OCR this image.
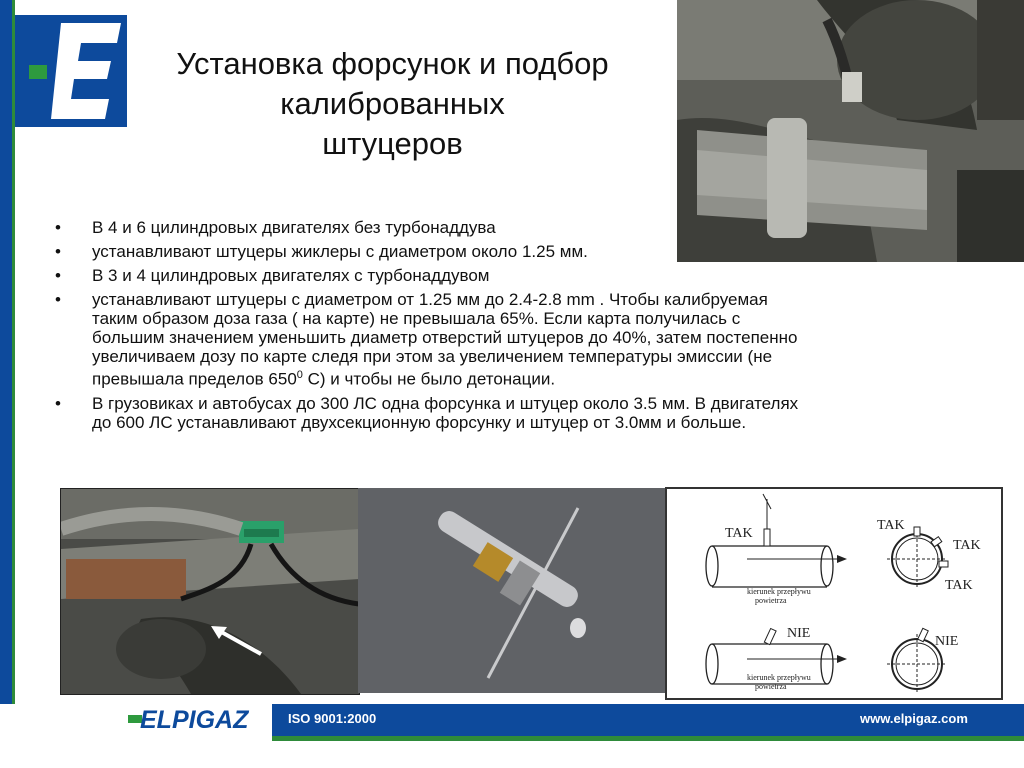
Установка форсунок и подбор
калиброванных
штуцеров
• В 4 и 6 цилиндровых двигателях без турбонаддува
• устанавливают штуцеры жиклеры с диаметром около 1.25 мм.
• В 3 и 4 цилиндровых двигателях с турбонаддувом
• устанавливают штуцеры с диаметром от 1.25 мм до 2.4-2.8 mm . Чтобы калибруемая
таким образом доза газа ( на карте) не превышала 65%. Если карта получилась с
большим значением уменьшить диаметр отверстий штуцеров до 40%, затем постепенно
увеличиваем дозу по карте следя при этом за увеличением температуры эмиссии (не
превышала пределов $650^0$ С) и чтобы не было детонации.
• В грузовиках и автобусах до 300 ЛС одна форсунка и штуцер около 3.5 мм. В двигателях
до 600 ЛС устанавливают двухсекционную форсунку и штуцер от 3.0мм и больше.
TAK
kierunek przepływu
powietrza
TAK
TAK
TAK
NIE
kierunek przepływu
powietrza
NIE
ELPIGAZ	ISO 9001:2000	www.elpigaz.com
